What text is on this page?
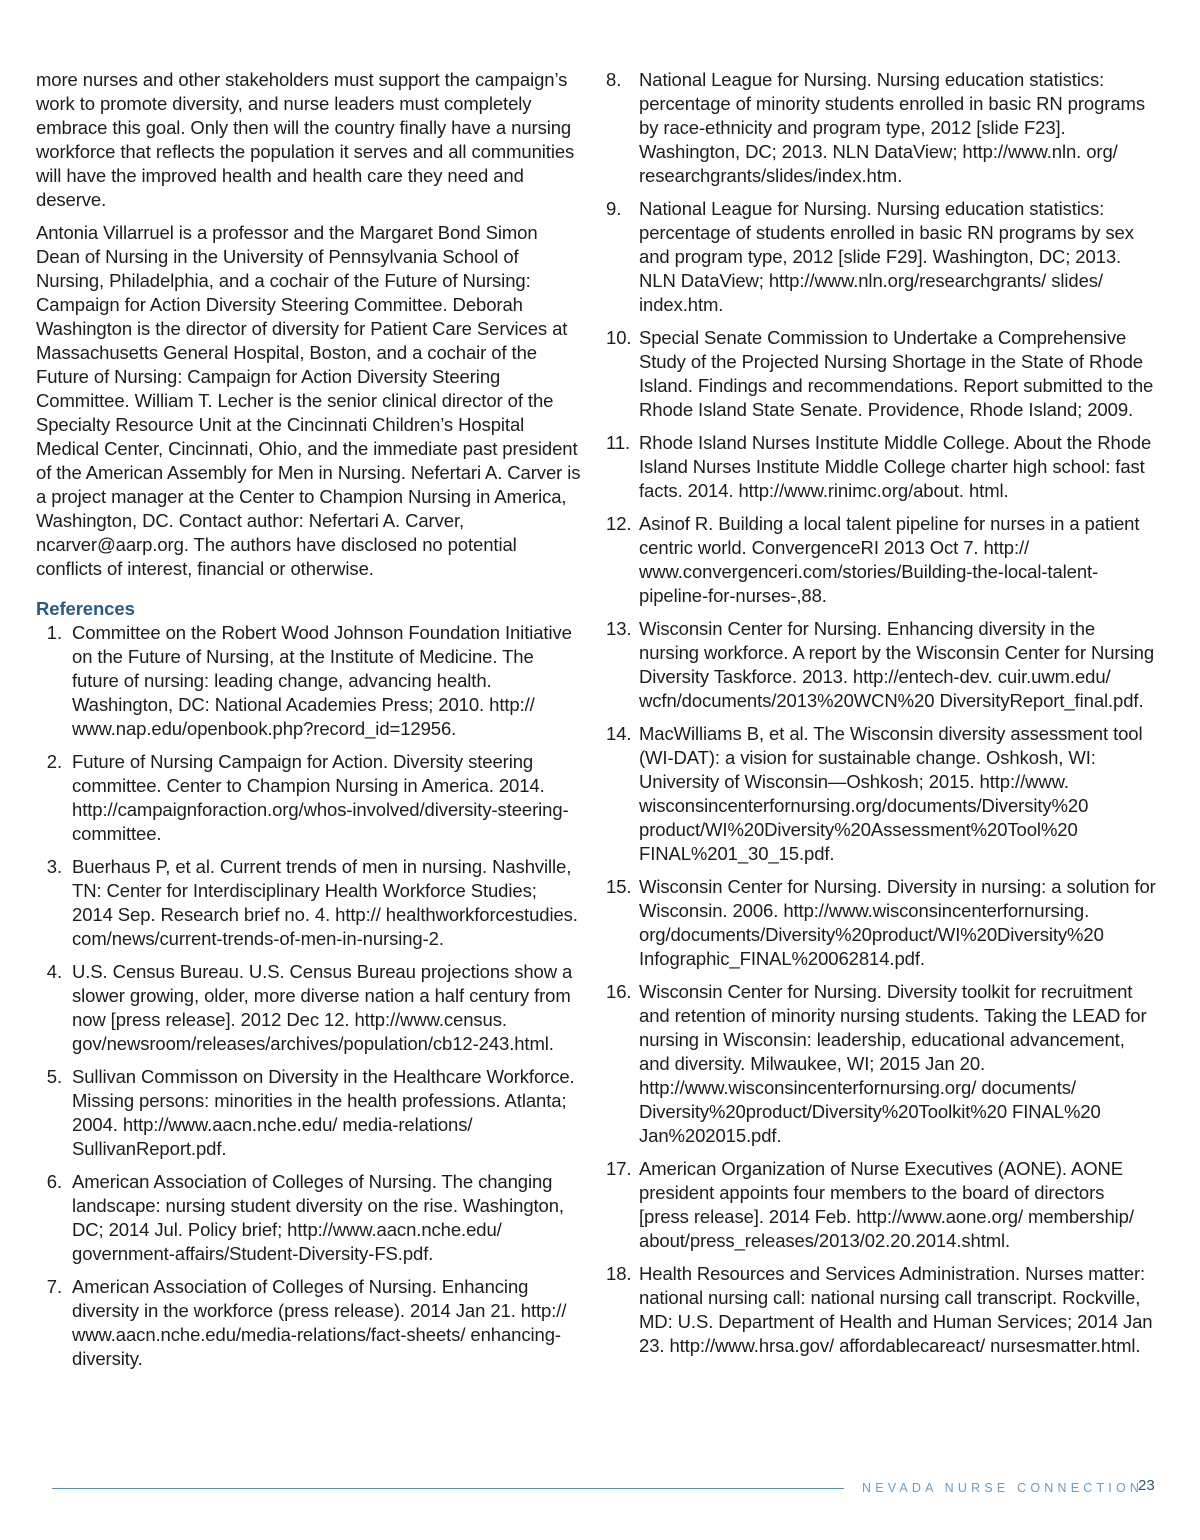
more nurses and other stakeholders must support the campaign’s work to promote diversity, and nurse leaders must completely embrace this goal. Only then will the country finally have a nursing workforce that reflects the population it serves and all communities will have the improved health and health care they need and deserve.

Antonia Villarruel is a professor and the Margaret Bond Simon Dean of Nursing in the University of Pennsylvania School of Nursing, Philadelphia, and a cochair of the Future of Nursing: Campaign for Action Diversity Steering Committee. Deborah Washington is the director of diversity for Patient Care Services at Massachusetts General Hospital, Boston, and a cochair of the Future of Nursing: Campaign for Action Diversity Steering Committee. William T. Lecher is the senior clinical director of the Specialty Resource Unit at the Cincinnati Children’s Hospital Medical Center, Cincinnati, Ohio, and the immediate past president of the American Assembly for Men in Nursing. Nefertari A. Carver is a project manager at the Center to Champion Nursing in America, Washington, DC. Contact author: Nefertari A. Carver, ncarver@aarp.org. The authors have disclosed no potential conflicts of interest, financial or otherwise.

References
1. Committee on the Robert Wood Johnson Foundation Initiative on the Future of Nursing, at the Institute of Medicine. The future of nursing: leading change, advancing health. Washington, DC: National Academies Press; 2010. http:// www.nap.edu/openbook.php?record_id=12956.
2. Future of Nursing Campaign for Action. Diversity steering committee. Center to Champion Nursing in America. 2014. http://campaignforaction.org/whos-involved/diversity-steering- committee.
3. Buerhaus P, et al. Current trends of men in nursing. Nashville, TN: Center for Interdisciplinary Health Workforce Studies; 2014 Sep. Research brief no. 4. http:// healthworkforcestudies. com/news/current-trends-of-men-in-nursing-2.
4. U.S. Census Bureau. U.S. Census Bureau projections show a slower growing, older, more diverse nation a half century from now [press release]. 2012 Dec 12. http://www.census. gov/newsroom/releases/archives/population/cb12-243.html.
5. Sullivan Commisson on Diversity in the Healthcare Workforce. Missing persons: minorities in the health professions. Atlanta; 2004. http://www.aacn.nche.edu/ media-relations/ SullivanReport.pdf.
6. American Association of Colleges of Nursing. The changing landscape: nursing student diversity on the rise. Washington, DC; 2014 Jul. Policy brief; http://www.aacn.nche.edu/ government-affairs/Student-Diversity-FS.pdf.
7. American Association of Colleges of Nursing. Enhancing diversity in the workforce (press release). 2014 Jan 21. http:// www.aacn.nche.edu/media-relations/fact-sheets/ enhancing- diversity.
8. National League for Nursing. Nursing education statistics: percentage of minority students enrolled in basic RN programs by race-ethnicity and program type, 2012 [slide F23]. Washington, DC; 2013. NLN DataView; http://www.nln. org/ researchgrants/slides/index.htm.
9. National League for Nursing. Nursing education statistics: percentage of students enrolled in basic RN programs by sex and program type, 2012 [slide F29]. Washington, DC; 2013. NLN DataView; http://www.nln.org/researchgrants/ slides/ index.htm.
10. Special Senate Commission to Undertake a Comprehensive Study of the Projected Nursing Shortage in the State of Rhode Island. Findings and recommendations. Report submitted to the Rhode Island State Senate. Providence, Rhode Island; 2009.
11. Rhode Island Nurses Institute Middle College. About the Rhode Island Nurses Institute Middle College charter high school: fast facts. 2014. http://www.rinimc.org/about. html.
12. Asinof R. Building a local talent pipeline for nurses in a patient centric world. ConvergenceRI 2013 Oct 7. http:// www.convergenceri.com/stories/Building-the-local-talent-pipeline-for-nurses-,88.
13. Wisconsin Center for Nursing. Enhancing diversity in the nursing workforce. A report by the Wisconsin Center for Nursing Diversity Taskforce. 2013. http://entech-dev. cuir.uwm.edu/ wcfn/documents/2013%20WCN%20 DiversityReport_final.pdf.
14. MacWilliams B, et al. The Wisconsin diversity assessment tool (WI-DAT): a vision for sustainable change. Oshkosh, WI: University of Wisconsin—Oshkosh; 2015. http://www. wisconsincenterfornursing.org/documents/Diversity%20 product/WI%20Diversity%20Assessment%20Tool%20 FINAL%201_30_15.pdf.
15. Wisconsin Center for Nursing. Diversity in nursing: a solution for Wisconsin. 2006. http://www.wisconsincenterfornursing. org/documents/Diversity%20product/WI%20Diversity%20 Infographic_FINAL%20062814.pdf.
16. Wisconsin Center for Nursing. Diversity toolkit for recruitment and retention of minority nursing students. Taking the LEAD for nursing in Wisconsin: leadership, educational advancement, and diversity. Milwaukee, WI; 2015 Jan 20. http://www.wisconsincenterfornursing.org/ documents/ Diversity%20product/Diversity%20Toolkit%20 FINAL%20 Jan%202015.pdf.
17. American Organization of Nurse Executives (AONE). AONE president appoints four members to the board of directors [press release]. 2014 Feb. http://www.aone.org/ membership/ about/press_releases/2013/02.20.2014.shtml.
18. Health Resources and Services Administration. Nurses matter: national nursing call: national nursing call transcript. Rockville, MD: U.S. Department of Health and Human Services; 2014 Jan 23. http://www.hrsa.gov/ affordablecareact/ nursesmatter.html.
NEVADA NURSE CONNECTION
23
